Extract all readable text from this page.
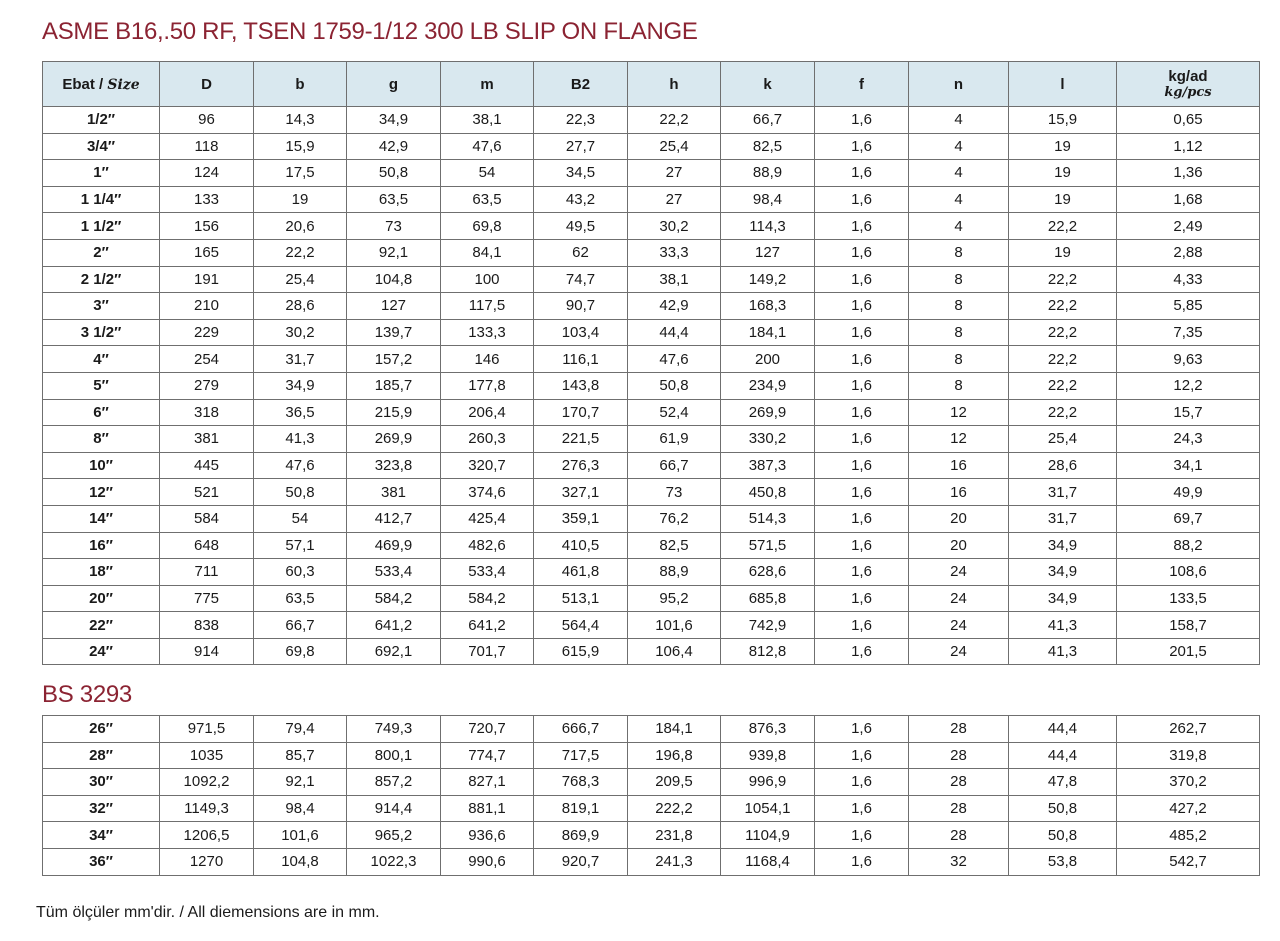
ASME B16,.50 RF, TSEN 1759-1/12 300 LB SLIP ON FLANGE
Ebat / Size	D	b	g	m	B2	h	k	f	n	l	kg/ad
kg/pcs

1/2″	96	14,3	34,9	38,1	22,3	22,2	66,7	1,6	4	15,9	0,65
3/4″	118	15,9	42,9	47,6	27,7	25,4	82,5	1,6	4	19	1,12
1″	124	17,5	50,8	54	34,5	27	88,9	1,6	4	19	1,36
1 1/4″	133	19	63,5	63,5	43,2	27	98,4	1,6	4	19	1,68
1 1/2″	156	20,6	73	69,8	49,5	30,2	114,3	1,6	4	22,2	2,49
2″	165	22,2	92,1	84,1	62	33,3	127	1,6	8	19	2,88
2 1/2″	191	25,4	104,8	100	74,7	38,1	149,2	1,6	8	22,2	4,33
3″	210	28,6	127	117,5	90,7	42,9	168,3	1,6	8	22,2	5,85
3 1/2″	229	30,2	139,7	133,3	103,4	44,4	184,1	1,6	8	22,2	7,35
4″	254	31,7	157,2	146	116,1	47,6	200	1,6	8	22,2	9,63
5″	279	34,9	185,7	177,8	143,8	50,8	234,9	1,6	8	22,2	12,2
6″	318	36,5	215,9	206,4	170,7	52,4	269,9	1,6	12	22,2	15,7
8″	381	41,3	269,9	260,3	221,5	61,9	330,2	1,6	12	25,4	24,3
10″	445	47,6	323,8	320,7	276,3	66,7	387,3	1,6	16	28,6	34,1
12″	521	50,8	381	374,6	327,1	73	450,8	1,6	16	31,7	49,9
14″	584	54	412,7	425,4	359,1	76,2	514,3	1,6	20	31,7	69,7
16″	648	57,1	469,9	482,6	410,5	82,5	571,5	1,6	20	34,9	88,2
18″	711	60,3	533,4	533,4	461,8	88,9	628,6	1,6	24	34,9	108,6
20″	775	63,5	584,2	584,2	513,1	95,2	685,8	1,6	24	34,9	133,5
22″	838	66,7	641,2	641,2	564,4	101,6	742,9	1,6	24	41,3	158,7
24″	914	69,8	692,1	701,7	615,9	106,4	812,8	1,6	24	41,3	201,5
BS 3293
26″	971,5	79,4	749,3	720,7	666,7	184,1	876,3	1,6	28	44,4	262,7
28″	1035	85,7	800,1	774,7	717,5	196,8	939,8	1,6	28	44,4	319,8
30″	1092,2	92,1	857,2	827,1	768,3	209,5	996,9	1,6	28	47,8	370,2
32″	1149,3	98,4	914,4	881,1	819,1	222,2	1054,1	1,6	28	50,8	427,2
34″	1206,5	101,6	965,2	936,6	869,9	231,8	1104,9	1,6	28	50,8	485,2
36″	1270	104,8	1022,3	990,6	920,7	241,3	1168,4	1,6	32	53,8	542,7
Tüm ölçüler mm'dir. / All diemensions are in mm.
